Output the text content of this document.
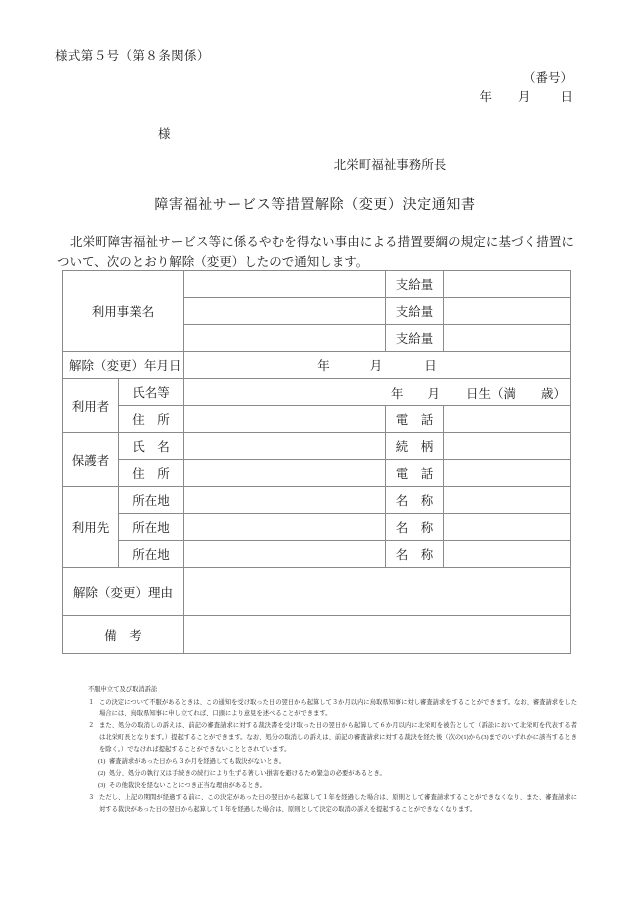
様式第５号（第８条関係）
（番号）
年 月 日
様
北栄町福祉事務所長
障害福祉サービス等措置解除（変更）決定通知書
北栄町障害福祉サービス等に係るやむを得ない事由による措置要綱の規定に基づく措置について、次のとおり解除（変更）したので通知します。
利用事業名			支給量	
			支給量	
			支給量	
解除（変更）年月日		年 月 日		
利用者	氏名等	年 月 日生（満　　歳）		

	住　所		電　話	
保護者	氏　名		続　柄	
	住　所		電　話	
利用先	所在地		名　称	
	所在地		名　称	
	所在地		名　称	
解除（変更）理由				
備　考				
不服申立て及び取消訴訟
１ この決定について不服があるときは、この通知を受け取った日の翌日から起算して３か月以内に鳥取県知事に対し審査請求をすることができます。なお、審査請求をした場合には、鳥取県知事に申し立てれば、口頭により意見を述べることができます。
２ また、処分の取消しの訴えは、前記の審査請求に対する裁決書を受け取った日の翌日から起算して６か月以内に北栄町を被告として（訴訟において北栄町を代表する者は北栄町長となります。）提起することができます。なお、処分の取消しの訴えは、前記の審査請求に対する裁決を経た後（次の(1)から(3)までのいずれかに該当するときを除く。）でなければ提起することができないこととされています。
(1) 審査請求があった日から３か月を経過しても裁決がないとき。
(2) 処分、処分の執行又は手続きの続行により生ずる著しい損害を避けるため緊急の必要があるとき。
(3) その他裁決を経ないことにつき正当な理由があるとき。
３ ただし、上記の期間が経過する前に、この決定があった日の翌日から起算して１年を経過した場合は、原則として審査請求することができなくなり、また、審査請求に対する裁決があった日の翌日から起算して１年を経過した場合は、原則として決定の取消の訴えを提起することができなくなります。
